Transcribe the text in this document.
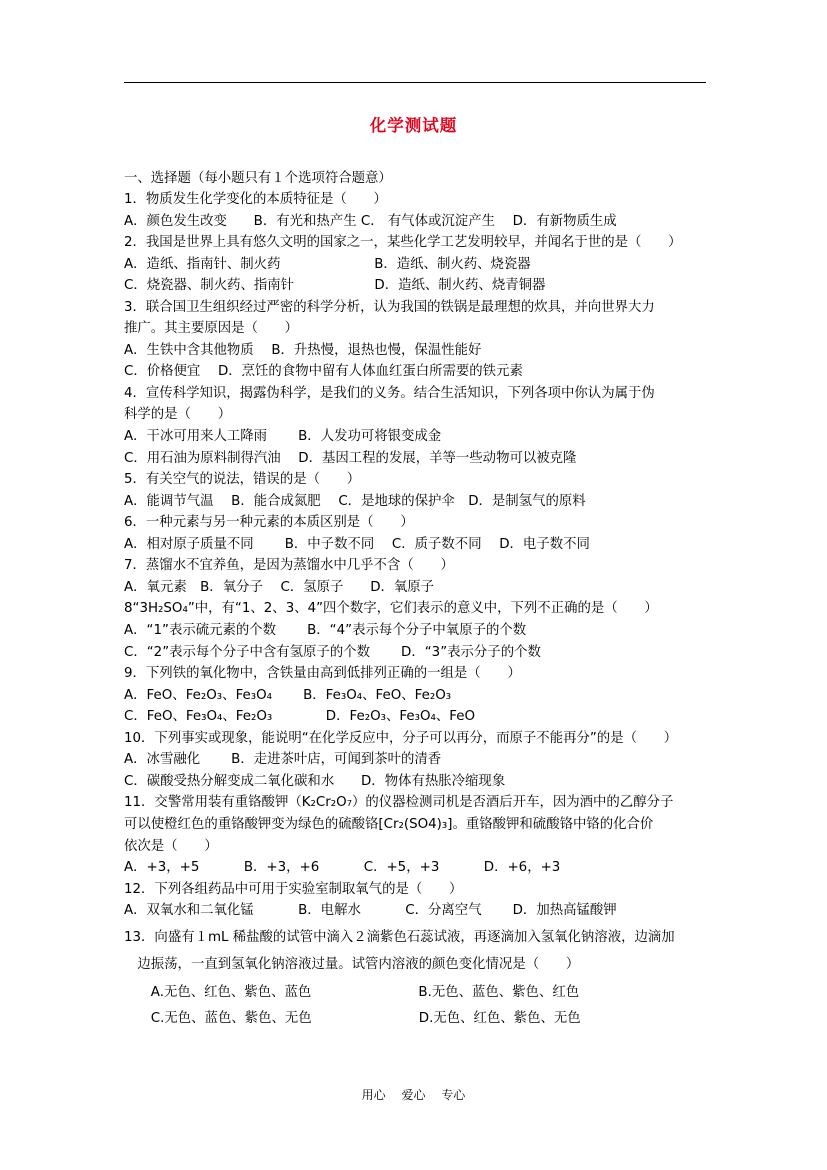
化学测试题
一、选择题（每小题只有１个选项符合题意）
1．物质发生化学变化的本质特征是（　　）
A．颜色发生改变　　B．有光和热产生 C． 有气体或沉淀产生　 D．有新物质生成
2．我国是世界上具有悠久文明的国家之一，某些化学工艺发明较早，并闻名于世的是（　　）
A．造纸、指南针、制火药　　　　　　　B．造纸、制火药、烧瓷器
C．烧瓷器、制火药、指南针　　　　　　D．造纸、制火药、烧青铜器
3．联合国卫生组织经过严密的科学分析，认为我国的铁锅是最理想的炊具，并向世界大力
推广。其主要原因是（　　）
A．生铁中含其他物质　 B．升热慢，退热也慢，保温性能好
C．价格便宜　 D．烹饪的食物中留有人体血红蛋白所需要的铁元素
4．宣传科学知识，揭露伪科学，是我们的义务。结合生活知识，下列各项中你认为属于伪
科学的是（　　）
A．干冰可用来人工降雨　　 B．人发功可将银变成金
C．用石油为原料制得汽油　 D．基因工程的发展，羊等一些动物可以被克隆
5．有关空气的说法，错误的是（　　）
A．能调节气温　 B．能合成氮肥　 C．是地球的保护伞　D．是制氢气的原料
6．一种元素与另一种元素的本质区别是（　　）
A．相对原子质量不同　　 B．中子数不同　 C．质子数不同　 D．电子数不同
7．蒸馏水不宜养鱼，是因为蒸馏水中几乎不含（　　）
A．氧元素　B．氧分子　 C．氢原子　　D．氧原子
8“3H₂SO₄”中，有“1、2、3、4”四个数字，它们表示的意义中，下列不正确的是（　　）
A．“1”表示硫元素的个数　　 B．“4”表示每个分子中氧原子的个数
C．“2”表示每个分子中含有氢原子的个数　　 D．“3”表示分子的个数
9．下列铁的氧化物中，含铁量由高到低排列正确的一组是（　　）
A．FeO、Fe₂O₃、Fe₃O₄　　 B．Fe₃O₄、FeO、Fe₂O₃
C．FeO、Fe₃O₄、Fe₂O₃　　　　D．Fe₂O₃、Fe₃O₄、FeO
10．下列事实或现象，能说明“在化学反应中，分子可以再分，而原子不能再分”的是（　　）
A．冰雪融化　　 B．走进茶叶店，可闻到茶叶的清香
C．碳酸受热分解变成二氧化碳和水　　D．物体有热胀冷缩现象
11．交警常用装有重铬酸钾（K₂Cr₂O₇）的仪器检测司机是否酒后开车，因为酒中的乙醇分子
可以使橙红色的重铬酸钾变为绿色的硫酸铬[Cr₂(SO4)₃]。重铬酸钾和硫酸铬中铬的化合价
依次是（　　）
A．+3，+5　　　 B．+3，+6　　　 C．+5，+3　　　 D．+6，+3
12．下列各组药品中可用于实验室制取氧气的是（　　）
A．双氧水和二氧化锰　　　 B．电解水　　　 C．分离空气　　 D．加热高锰酸钾
13．向盛有１mL 稀盐酸的试管中滴入２滴紫色石蕊试液，再逐滴加入氢氧化钠溶液，边滴加
　边振荡，一直到氢氧化钠溶液过量。试管内溶液的颜色变化情况是（　　）
　　A.无色、红色、紫色、蓝色　　　　　　　　B.无色、蓝色、紫色、红色
　　C.无色、蓝色、紫色、无色　　　　　　　　D.无色、红色、紫色、无色
用心　 爱心　 专心
